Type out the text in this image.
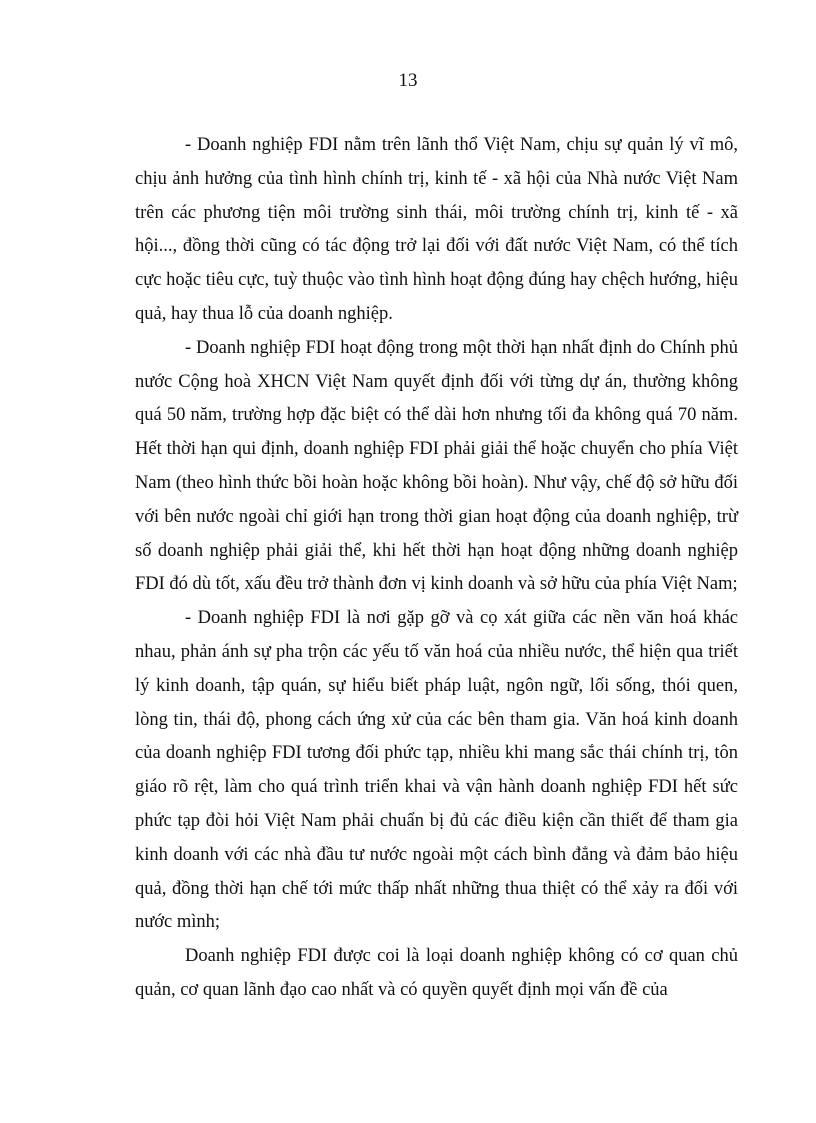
13

- Doanh nghiệp FDI nằm trên lãnh thổ Việt Nam, chịu sự quản lý vĩ mô, chịu ảnh hưởng của tình hình chính trị, kinh tế - xã hội của Nhà nước Việt Nam trên các phương tiện môi trường sinh thái, môi trường chính trị, kinh tế - xã hội..., đồng thời cũng có tác động trở lại đối với đất nước Việt Nam, có thể tích cực hoặc tiêu cực, tuỳ thuộc vào tình hình hoạt động đúng hay chệch hướng, hiệu quả, hay thua lỗ của doanh nghiệp.

- Doanh nghiệp FDI hoạt động trong một thời hạn nhất định do Chính phủ nước Cộng hoà XHCN Việt Nam quyết định đối với từng dự án, thường không quá 50 năm, trường hợp đặc biệt có thể dài hơn nhưng tối đa không quá 70 năm. Hết thời hạn qui định, doanh nghiệp FDI phải giải thể hoặc chuyển cho phía Việt Nam (theo hình thức bồi hoàn hoặc không bồi hoàn). Như vậy, chế độ sở hữu đối với bên nước ngoài chỉ giới hạn trong thời gian hoạt động của doanh nghiệp, trừ số doanh nghiệp phải giải thể, khi hết thời hạn hoạt động những doanh nghiệp FDI đó dù tốt, xấu đều trở thành đơn vị kinh doanh và sở hữu của phía Việt Nam;

- Doanh nghiệp FDI là nơi gặp gỡ và cọ xát giữa các nền văn hoá khác nhau, phản ánh sự pha trộn các yếu tố văn hoá của nhiều nước, thể hiện qua triết lý kinh doanh, tập quán, sự hiểu biết pháp luật, ngôn ngữ, lối sống, thói quen, lòng tin, thái độ, phong cách ứng xử của các bên tham gia. Văn hoá kinh doanh của doanh nghiệp FDI tương đối phức tạp, nhiều khi mang sắc thái chính trị, tôn giáo rõ rệt, làm cho quá trình triển khai và vận hành doanh nghiệp FDI hết sức phức tạp đòi hỏi Việt Nam phải chuẩn bị đủ các điều kiện cần thiết để tham gia kinh doanh với các nhà đầu tư nước ngoài một cách bình đẳng và đảm bảo hiệu quả, đồng thời hạn chế tới mức thấp nhất những thua thiệt có thể xảy ra đối với nước mình;

Doanh nghiệp FDI được coi là loại doanh nghiệp không có cơ quan chủ quản, cơ quan lãnh đạo cao nhất và có quyền quyết định mọi vấn đề của
